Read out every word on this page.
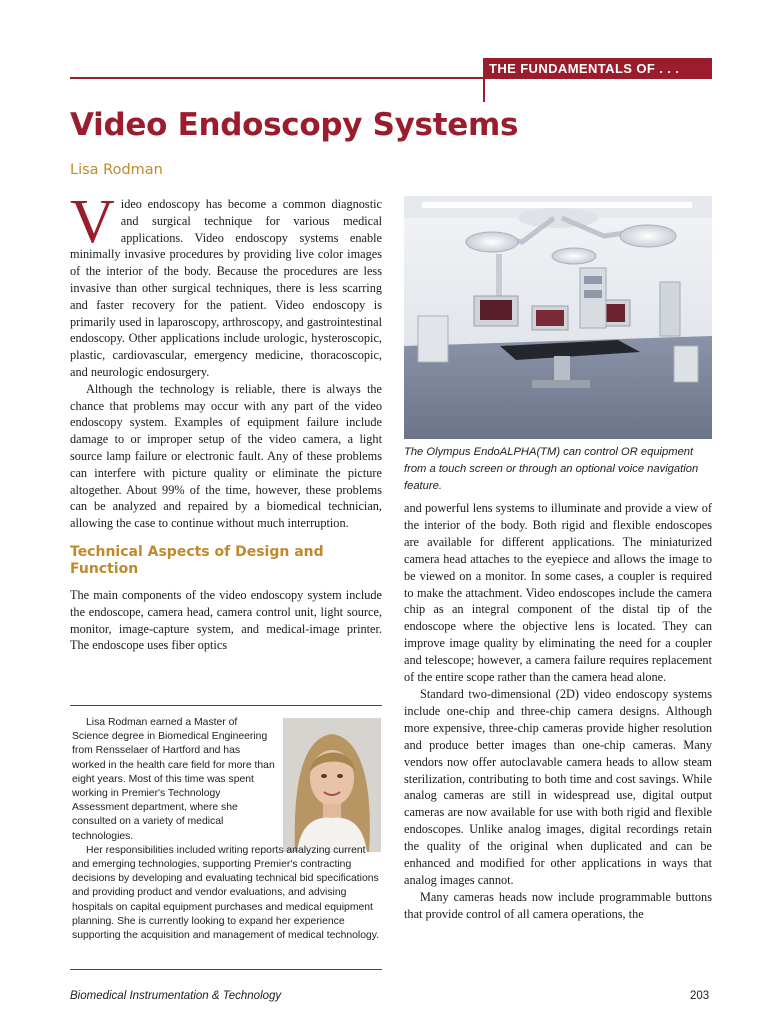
THE FUNDAMENTALS OF . . .
Video Endoscopy Systems
Lisa Rodman

Video endoscopy has become a common diagnostic and surgical technique for various medical applications. Video endoscopy systems enable minimally invasive procedures by providing live color images of the interior of the body. Because the procedures are less invasive than other surgical techniques, there is less scarring and faster recovery for the patient. Video endoscopy is primarily used in laparoscopy, arthroscopy, and gastrointestinal endoscopy. Other applications include urologic, hysteroscopic, plastic, cardiovascular, emergency medicine, thoracoscopic, and neurologic endosurgery.

Although the technology is reliable, there is always the chance that problems may occur with any part of the video endoscopy system. Examples of equipment failure include damage to or improper setup of the video camera, a light source lamp failure or electronic fault. Any of these problems can interfere with picture quality or eliminate the picture altogether. About 99% of the time, however, these problems can be analyzed and repaired by a biomedical technician, allowing the case to continue without much interruption.

Technical Aspects of Design and Function

The main components of the video endoscopy system include the endoscope, camera head, camera control unit, light source, monitor, image-capture system, and medical-image printer. The endoscope uses fiber optics

The Olympus EndoALPHA(TM) can control OR equipment from a touch screen or through an optional voice navigation feature.

and powerful lens systems to illuminate and provide a view of the interior of the body. Both rigid and flexible endoscopes are available for different applications. The miniaturized camera head attaches to the eyepiece and allows the image to be viewed on a monitor. In some cases, a coupler is required to make the attachment. Video endoscopes include the camera chip as an integral component of the distal tip of the endoscope where the objective lens is located. They can improve image quality by eliminating the need for a coupler and telescope; however, a camera failure requires replacement of the entire scope rather than the camera head alone.

Standard two-dimensional (2D) video endoscopy systems include one-chip and three-chip camera designs. Although more expensive, three-chip cameras provide higher resolution and produce better images than one-chip cameras. Many vendors now offer autoclavable camera heads to allow steam sterilization, contributing to both time and cost savings. While analog cameras are still in widespread use, digital output cameras are now available for use with both rigid and flexible endoscopes. Unlike analog images, digital recordings retain the quality of the original when duplicated and can be enhanced and modified for other applications in ways that analog images cannot.

Many cameras heads now include programmable buttons that provide control of all camera operations, the

Lisa Rodman earned a Master of Science degree in Biomedical Engineering from Rensselaer of Hartford and has worked in the health care field for more than eight years. Most of this time was spent working in Premier's Technology Assessment department, where she consulted on a variety of medical technologies.

Her responsibilities included writing reports analyzing current and emerging technologies, supporting Premier's contracting decisions by developing and evaluating technical bid specifications and providing product and vendor evaluations, and advising hospitals on capital equipment purchases and medical equipment planning. She is currently looking to expand her experience supporting the acquisition and management of medical technology.

Biomedical Instrumentation & Technology	203
